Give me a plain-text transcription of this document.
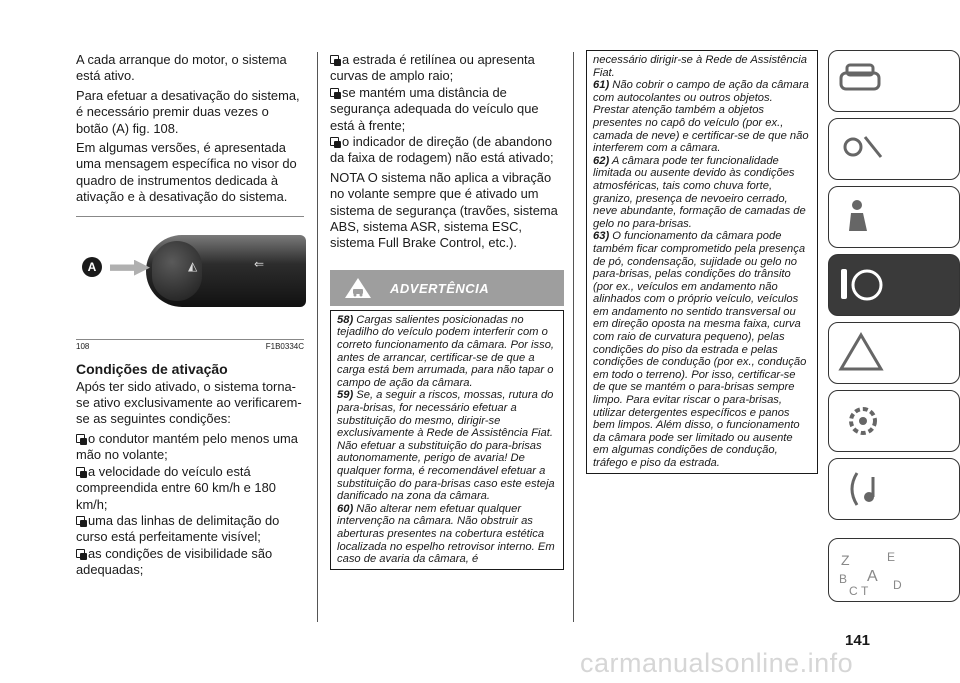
A cada arranque do motor, o sistema está ativo.

Para efetuar a desativação do sistema, é necessário premir duas vezes o botão (A) fig. 108.

Em algumas versões, é apresentada uma mensagem específica no visor do quadro de instrumentos dedicada à ativação e à desativação do sistema.

A	◭	⇐
108	F1B0334C
Condições de ativação

Após ter sido ativado, o sistema torna-se ativo exclusivamente ao verificarem-se as seguintes condições:

o condutor mantém pelo menos uma mão no volante;

a velocidade do veículo está compreendida entre 60 km/h e 180 km/h;

uma das linhas de delimitação do curso está perfeitamente visível;

as condições de visibilidade são adequadas;

a estrada é retilínea ou apresenta curvas de amplo raio;

se mantém uma distância de segurança adequada do veículo que está à frente;

o indicador de direção (de abandono da faixa de rodagem) não está ativado;

NOTA O sistema não aplica a vibração no volante sempre que é ativado um sistema de segurança (travões, sistema ABS, sistema ASR, sistema ESC, sistema Full Brake Control, etc.).

ADVERTÊNCIA

58) Cargas salientes posicionadas no tejadilho do veículo podem interferir com o correto funcionamento da câmara. Por isso, antes de arrancar, certificar-se de que a carga está bem arrumada, para não tapar o campo de ação da câmara.

59) Se, a seguir a riscos, mossas, rutura do para-brisas, for necessário efetuar a substituição do mesmo, dirigir-se exclusivamente à Rede de Assistência Fiat. Não efetuar a substituição do para-brisas autonomamente, perigo de avaria! De qualquer forma, é recomendável efetuar a substituição do para-brisas caso este esteja danificado na zona da câmara.

60) Não alterar nem efetuar qualquer intervenção na câmara. Não obstruir as aberturas presentes na cobertura estética localizada no espelho retrovisor interno. Em caso de avaria da câmara, é

necessário dirigir-se à Rede de Assistência Fiat.

61) Não cobrir o campo de ação da câmara com autocolantes ou outros objetos. Prestar atenção também a objetos presentes no capô do veículo (por ex., camada de neve) e certificar-se de que não interferem com a câmara.

62) A câmara pode ter funcionalidade limitada ou ausente devido às condições atmosféricas, tais como chuva forte, granizo, presença de nevoeiro cerrado, neve abundante, formação de camadas de gelo no para-brisas.

63) O funcionamento da câmara pode também ficar comprometido pela presença de pó, condensação, sujidade ou gelo no para-brisas, pelas condições do trânsito (por ex., veículos em andamento não alinhados com o próprio veículo, veículos em andamento no sentido transversal ou em direção oposta na mesma faixa, curva com raio de curvatura pequeno), pelas condições do piso da estrada e pelas condições de condução (por ex., condução em todo o terreno). Por isso, certificar-se de que se mantém o para-brisas sempre limpo. Para evitar riscar o para-brisas, utilizar detergentes específicos e panos bem limpos. Além disso, o funcionamento da câmara pode ser limitado ou ausente em algumas condições de condução, tráfego e piso da estrada.

Z	E
B A
C T D
141
carmanualsonline.info
